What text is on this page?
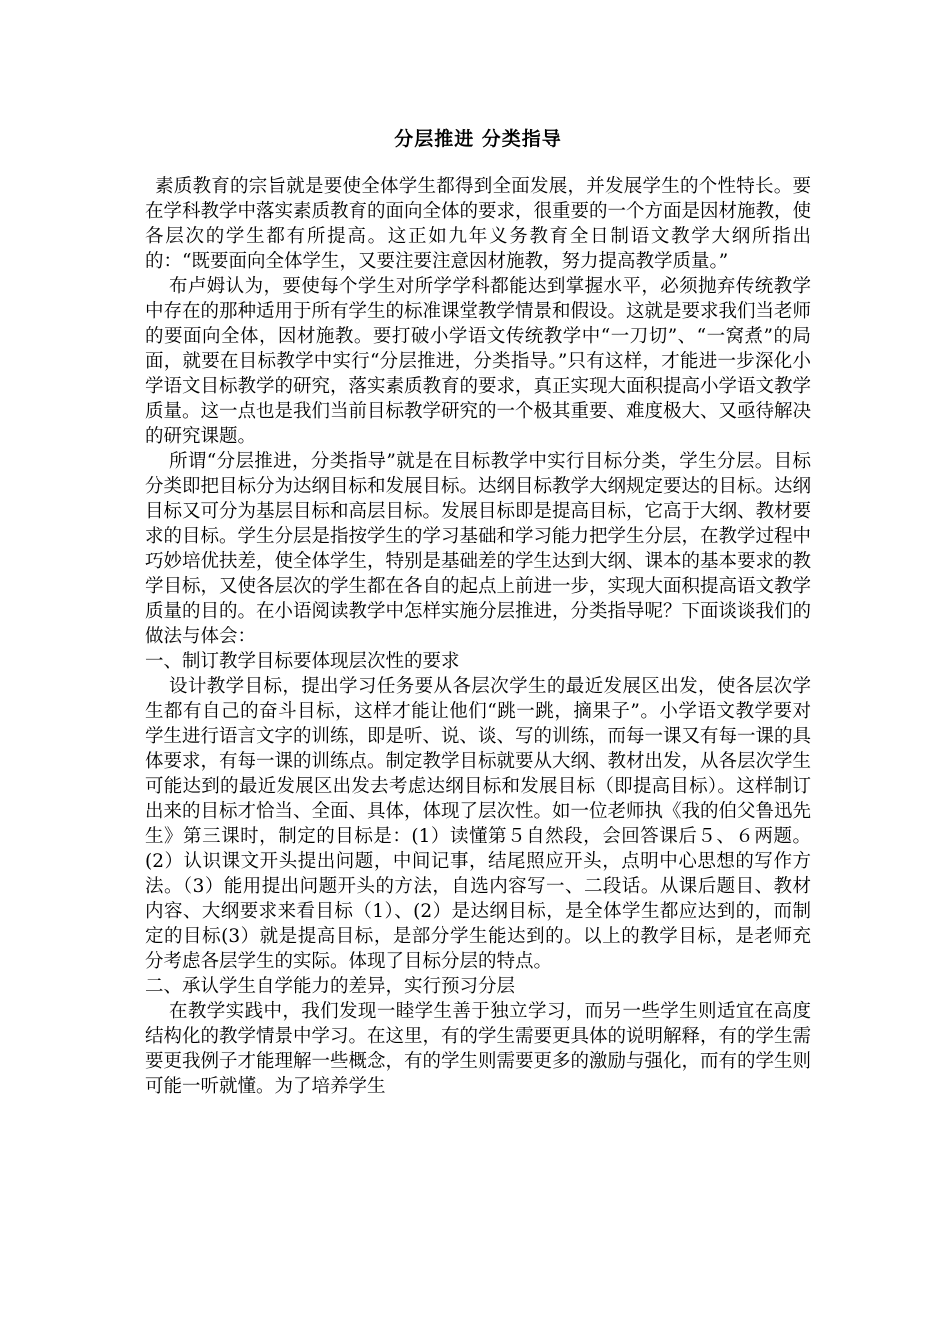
分层推进 分类指导

素质教育的宗旨就是要使全体学生都得到全面发展，并发展学生的个性特长。要在学科教学中落实素质教育的面向全体的要求，很重要的一个方面是因材施教，使各层次的学生都有所提高。这正如九年义务教育全日制语文教学大纲所指出的：“既要面向全体学生，又要注要注意因材施教，努力提高教学质量。”

布卢姆认为，要使每个学生对所学学科都能达到掌握水平，必须抛弃传统教学中存在的那种适用于所有学生的标准课堂教学情景和假设。这就是要求我们当老师的要面向全体，因材施教。要打破小学语文传统教学中“一刀切”、“一窝煮”的局面，就要在目标教学中实行“分层推进，分类指导。”只有这样，才能进一步深化小学语文目标教学的研究，落实素质教育的要求，真正实现大面积提高小学语文教学质量。这一点也是我们当前目标教学研究的一个极其重要、难度极大、又亟待解决的研究课题。

所谓“分层推进，分类指导”就是在目标教学中实行目标分类，学生分层。目标分类即把目标分为达纲目标和发展目标。达纲目标教学大纲规定要达的目标。达纲目标又可分为基层目标和高层目标。发展目标即是提高目标，它高于大纲、教材要求的目标。学生分层是指按学生的学习基础和学习能力把学生分层，在教学过程中巧妙培优扶差，使全体学生，特别是基础差的学生达到大纲、课本的基本要求的教学目标，又使各层次的学生都在各自的起点上前进一步，实现大面积提高语文教学质量的目的。在小语阅读教学中怎样实施分层推进，分类指导呢？下面谈谈我们的做法与体会：

一、制订教学目标要体现层次性的要求

设计教学目标，提出学习任务要从各层次学生的最近发展区出发，使各层次学生都有自己的奋斗目标，这样才能让他们“跳一跳，摘果子”。小学语文教学要对学生进行语言文字的训练，即是听、说、谈、写的训练，而每一课又有每一课的具体要求，有每一课的训练点。制定教学目标就要从大纲、教材出发，从各层次学生可能达到的最近发展区出发去考虑达纲目标和发展目标（即提高目标）。这样制订出来的目标才恰当、全面、具体，体现了层次性。如一位老师执《我的伯父鲁迅先生》第三课时，制定的目标是：(1）读懂第５自然段，会回答课后５、６两题。(2）认识课文开头提出问题，中间记事，结尾照应开头，点明中心思想的写作方法。（3）能用提出问题开头的方法，自选内容写一、二段话。从课后题目、教材内容、大纲要求来看目标（1）、(2）是达纲目标，是全体学生都应达到的，而制定的目标(3）就是提高目标，是部分学生能达到的。以上的教学目标，是老师充分考虑各层学生的实际。体现了目标分层的特点。

二、承认学生自学能力的差异，实行预习分层

在教学实践中，我们发现一睦学生善于独立学习，而另一些学生则适宜在高度结构化的教学情景中学习。在这里，有的学生需要更具体的说明解释，有的学生需要更我例子才能理解一些概念，有的学生则需要更多的激励与强化，而有的学生则可能一听就懂。为了培养学生
